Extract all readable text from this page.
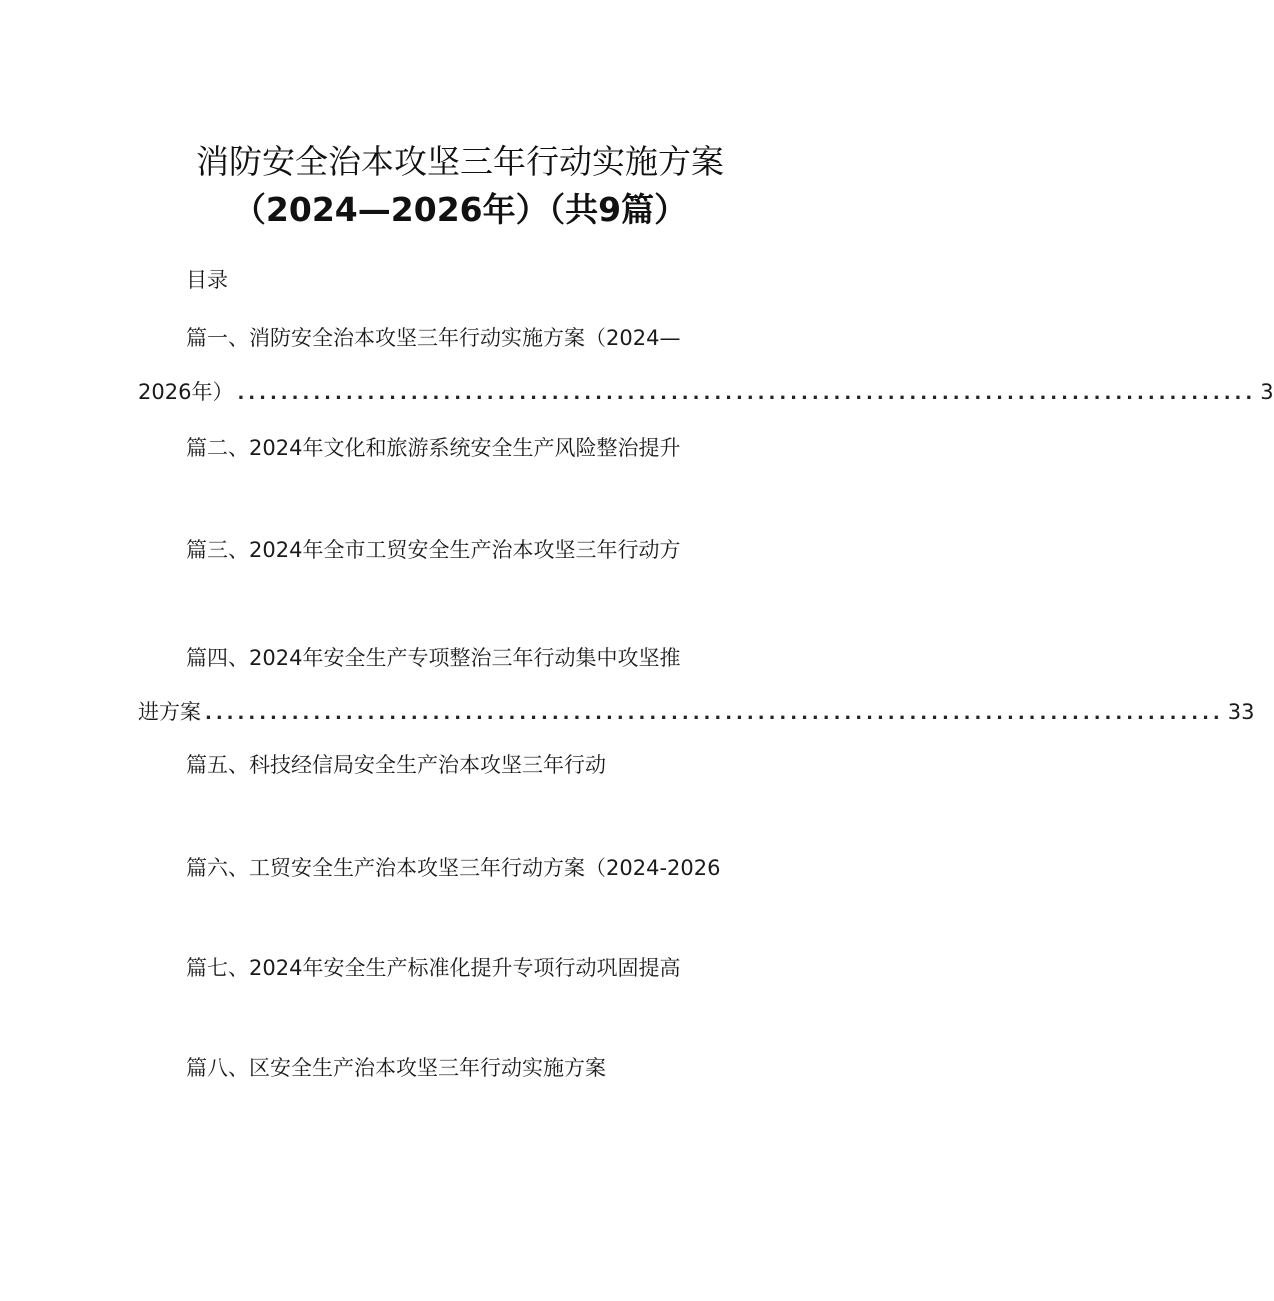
消防安全治本攻坚三年行动实施方案
（2024—2026年）（共9篇）
目录
篇一、消防安全治本攻坚三年行动实施方案（2024—
2026年） .............................................................................................. 3
篇二、2024年文化和旅游系统安全生产风险整治提升
篇三、2024年全市工贸安全生产治本攻坚三年行动方
篇四、2024年安全生产专项整治三年行动集中攻坚推
进方案 .............................................................................................. 33
篇五、科技经信局安全生产治本攻坚三年行动
篇六、工贸安全生产治本攻坚三年行动方案（2024-2026
篇七、2024年安全生产标准化提升专项行动巩固提高
篇八、区安全生产治本攻坚三年行动实施方案
